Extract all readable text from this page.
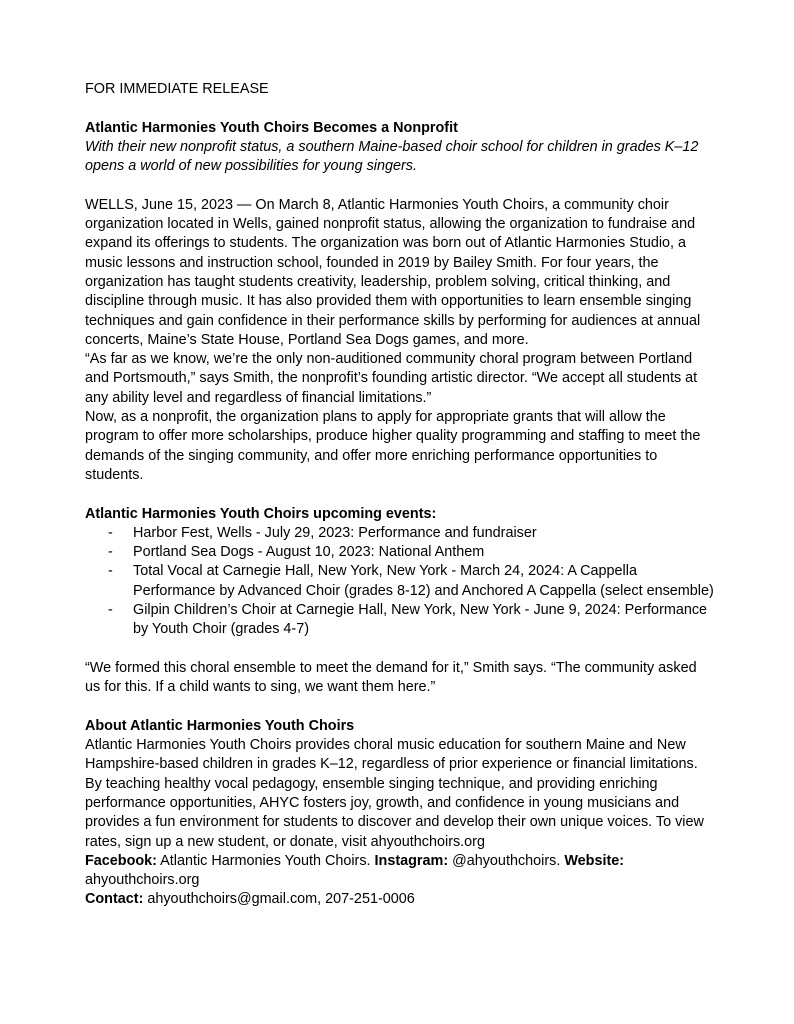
FOR IMMEDIATE RELEASE

Atlantic Harmonies Youth Choirs Becomes a Nonprofit

With their new nonprofit status, a southern Maine-based choir school for children in grades K–12 opens a world of new possibilities for young singers.

WELLS, June 15, 2023 — On March 8, Atlantic Harmonies Youth Choirs, a community choir organization located in Wells, gained nonprofit status, allowing the organization to fundraise and expand its offerings to students. The organization was born out of Atlantic Harmonies Studio, a music lessons and instruction school, founded in 2019 by Bailey Smith. For four years, the organization has taught students creativity, leadership, problem solving, critical thinking, and discipline through music. It has also provided them with opportunities to learn ensemble singing techniques and gain confidence in their performance skills by performing for audiences at annual concerts, Maine’s State House, Portland Sea Dogs games, and more.

“As far as we know, we’re the only non-auditioned community choral program between Portland and Portsmouth,” says Smith, the nonprofit’s founding artistic director. “We accept all students at any ability level and regardless of financial limitations.”

Now, as a nonprofit, the organization plans to apply for appropriate grants that will allow the program to offer more scholarships, produce higher quality programming and staffing to meet the demands of the singing community, and offer more enriching performance opportunities to students.

Atlantic Harmonies Youth Choirs upcoming events:

- Harbor Fest, Wells - July 29, 2023: Performance and fundraiser
- Portland Sea Dogs - August 10, 2023: National Anthem
- Total Vocal at Carnegie Hall, New York, New York - March 24, 2024: A Cappella Performance by Advanced Choir (grades 8-12) and Anchored A Cappella (select ensemble)
- Gilpin Children’s Choir at Carnegie Hall, New York, New York - June 9, 2024: Performance by Youth Choir (grades 4-7)

“We formed this choral ensemble to meet the demand for it,” Smith says. “The community asked us for this. If a child wants to sing, we want them here.”

About Atlantic Harmonies Youth Choirs

Atlantic Harmonies Youth Choirs provides choral music education for southern Maine and New Hampshire-based children in grades K–12, regardless of prior experience or financial limitations. By teaching healthy vocal pedagogy, ensemble singing technique, and providing enriching performance opportunities, AHYC fosters joy, growth, and confidence in young musicians and provides a fun environment for students to discover and develop their own unique voices. To view rates, sign up a new student, or donate, visit ahyouthchoirs.org

Facebook: Atlantic Harmonies Youth Choirs. Instagram: @ahyouthchoirs. Website: ahyouthchoirs.org

Contact: ahyouthchoirs@gmail.com, 207-251-0006
